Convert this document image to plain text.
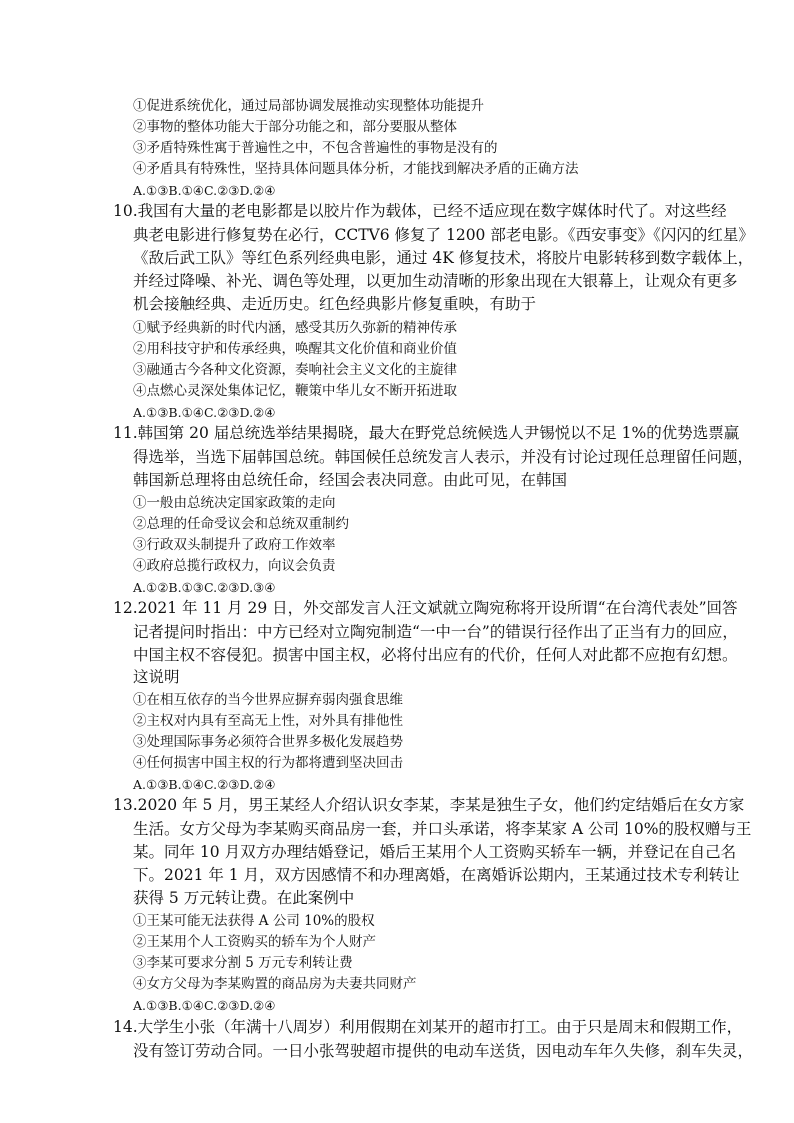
①促进系统优化，通过局部协调发展推动实现整体功能提升
②事物的整体功能大于部分功能之和，部分要服从整体
③矛盾特殊性寓于普遍性之中，不包含普遍性的事物是没有的
④矛盾具有特殊性，坚持具体问题具体分析，才能找到解决矛盾的正确方法
A.①③B.①④C.②③D.②④
10.我国有大量的老电影都是以胶片作为载体，已经不适应现在数字媒体时代了。对这些经
典老电影进行修复势在必行，CCTV6 修复了 1200 部老电影。《西安事变》《闪闪的红星》
《敌后武工队》等红色系列经典电影，通过 4K 修复技术，将胶片电影转移到数字载体上，
并经过降噪、补光、调色等处理，以更加生动清晰的形象出现在大银幕上，让观众有更多
机会接触经典、走近历史。红色经典影片修复重映，有助于
①赋予经典新的时代内涵，感受其历久弥新的精神传承
②用科技守护和传承经典，唤醒其文化价值和商业价值
③融通古今各种文化资源，奏响社会主义文化的主旋律
④点燃心灵深处集体记忆，鞭策中华儿女不断开拓进取
A.①③B.①④C.②③D.②④
11.韩国第 20 届总统选举结果揭晓，最大在野党总统候选人尹锡悦以不足 1%的优势选票赢
得选举，当选下届韩国总统。韩国候任总统发言人表示，并没有讨论过现任总理留任问题，
韩国新总理将由总统任命，经国会表决同意。由此可见，在韩国
①一般由总统决定国家政策的走向
②总理的任命受议会和总统双重制约
③行政双头制提升了政府工作效率
④政府总揽行政权力，向议会负责
A.①②B.①③C.②③D.③④
12.2021 年 11 月 29 日，外交部发言人汪文斌就立陶宛称将开设所谓“在台湾代表处”回答
记者提问时指出：中方已经对立陶宛制造“一中一台”的错误行径作出了正当有力的回应，
中国主权不容侵犯。损害中国主权，必将付出应有的代价，任何人对此都不应抱有幻想。
这说明
①在相互依存的当今世界应摒弃弱肉强食思维
②主权对内具有至高无上性，对外具有排他性
③处理国际事务必须符合世界多极化发展趋势
④任何损害中国主权的行为都将遭到坚决回击
A.①③B.①④C.②③D.②④
13.2020 年 5 月，男王某经人介绍认识女李某，李某是独生子女，他们约定结婚后在女方家
生活。女方父母为李某购买商品房一套，并口头承诺，将李某家 A 公司 10%的股权赠与王
某。同年 10 月双方办理结婚登记，婚后王某用个人工资购买轿车一辆，并登记在自己名
下。2021 年 1 月，双方因感情不和办理离婚，在离婚诉讼期内，王某通过技术专利转让
获得 5 万元转让费。在此案例中
①王某可能无法获得 A 公司 10%的股权
②王某用个人工资购买的轿车为个人财产
③李某可要求分割 5 万元专利转让费
④女方父母为李某购置的商品房为夫妻共同财产
A.①③B.①④C.②③D.②④
14.大学生小张（年满十八周岁）利用假期在刘某开的超市打工。由于只是周末和假期工作，
没有签订劳动合同。一日小张驾驶超市提供的电动车送货，因电动车年久失修，刹车失灵，
